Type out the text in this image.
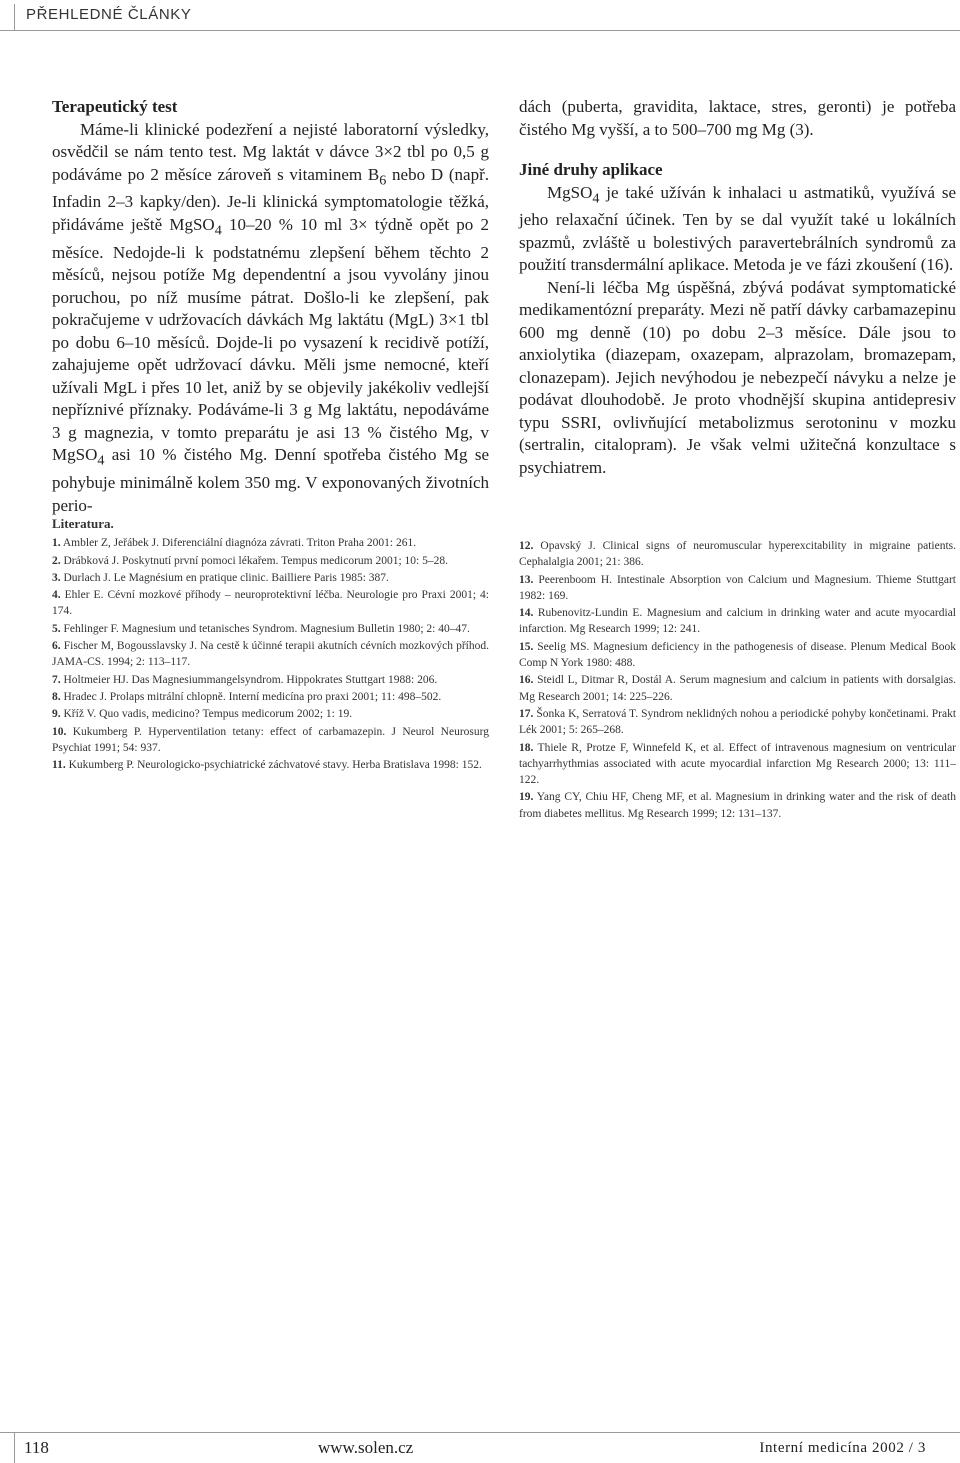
PŘEHLEDNÉ ČLÁNKY
Terapeutický test

Máme-li klinické podezření a nejisté laboratorní výsledky, osvědčil se nám tento test. Mg laktát v dávce 3×2 tbl po 0,5 g podáváme po 2 měsíce zároveň s vitaminem $B_6$ nebo D (např. Infadin 2–3 kapky/den). Je-li klinická symptomatologie těžká, přidáváme ještě MgSO$_4$ 10–20 % 10 ml 3× týdně opět po 2 měsíce. Nedojde-li k podstatnému zlepšení během těchto 2 měsíců, nejsou potíže Mg dependentní a jsou vyvolány jinou poruchou, po níž musíme pátrat. Došlo-li ke zlepšení, pak pokračujeme v udržovacích dávkách Mg laktátu (MgL) 3×1 tbl po dobu 6–10 měsíců. Dojde-li po vysazení k recidivě potíží, zahajujeme opět udržovací dávku. Měli jsme nemocné, kteří užívali MgL i přes 10 let, aniž by se objevily jakékoliv vedlejší nepříznivé příznaky. Podáváme-li 3 g Mg laktátu, nepodáváme 3 g magnezia, v tomto preparátu je asi 13 % čistého Mg, v MgSO$_4$ asi 10 % čistého Mg. Denní spotřeba čistého Mg se pohybuje minimálně kolem 350 mg. V exponovaných životních perio-

dách (puberta, gravidita, laktace, stres, geronti) je potřeba čistého Mg vyšší, a to 500–700 mg Mg (3).

Jiné druhy aplikace

MgSO$_4$ je také užíván k inhalaci u astmatiků, využívá se jeho relaxační účinek. Ten by se dal využít také u lokálních spazmů, zvláště u bolestivých paravertebrálních syndromů za použití transdermální aplikace. Metoda je ve fázi zkoušení (16).

Není-li léčba Mg úspěšná, zbývá podávat symptomatické medikamentózní preparáty. Mezi ně patří dávky carbamazepinu 600 mg denně (10) po dobu 2–3 měsíce. Dále jsou to anxiolytika (diazepam, oxazepam, alprazolam, bromazepam, clonazepam). Jejich nevýhodou je nebezpečí návyku a nelze je podávat dlouhodobě. Je proto vhodnější skupina antidepresiv typu SSRI, ovlivňující metabolizmus serotoninu v mozku (sertralin, citalopram). Je však velmi užitečná konzultace s psychiatrem.

Literatura.
1. Ambler Z, Jeřábek J. Diferenciální diagnóza závrati. Triton Praha 2001: 261.
2. Drábková J. Poskytnutí první pomoci lékařem. Tempus medicorum 2001; 10: 5–28.
3. Durlach J. Le Magnésium en pratique clinic. Bailliere Paris 1985: 387.
4. Ehler E. Cévní mozkové příhody – neuroprotektivní léčba. Neurologie pro Praxi 2001; 4: 174.
5. Fehlinger F. Magnesium und tetanisches Syndrom. Magnesium Bulletin 1980; 2: 40–47.
6. Fischer M, Bogousslavsky J. Na cestě k účinné terapii akutních cévních mozkových příhod. JAMA-CS. 1994; 2: 113–117.
7. Holtmeier HJ. Das Magnesiummangelsyndrom. Hippokrates Stuttgart 1988: 206.
8. Hradec J. Prolaps mitrální chlopně. Interní medicína pro praxi 2001; 11: 498–502.
9. Kříž V. Quo vadis, medicino? Tempus medicorum 2002; 1: 19.
10. Kukumberg P. Hyperventilation tetany: effect of carbamazepin. J Neurol Neurosurg Psychiat 1991; 54: 937.
11. Kukumberg P. Neurologicko-psychiatrické záchvatové stavy. Herba Bratislava 1998: 152.
12. Opavský J. Clinical signs of neuromuscular hyperexcitability in migraine patients. Cephalalgia 2001; 21: 386.
13. Peerenboom H. Intestinale Absorption von Calcium und Magnesium. Thieme Stuttgart 1982: 169.
14. Rubenovitz-Lundin E. Magnesium and calcium in drinking water and acute myocardial infarction. Mg Research 1999; 12: 241.
15. Seelig MS. Magnesium deficiency in the pathogenesis of disease. Plenum Medical Book Comp N York 1980: 488.
16. Steidl L, Ditmar R, Dostál A. Serum magnesium and calcium in patients with dorsalgias. Mg Research 2001; 14: 225–226.
17. Šonka K, Serratová T. Syndrom neklidných nohou a periodické pohyby končetinami. Prakt Lék 2001; 5: 265–268.
18. Thiele R, Protze F, Winnefeld K, et al. Effect of intravenous magnesium on ventricular tachyarrhythmias associated with acute myocardial infarction Mg Research 2000; 13: 111–122.
19. Yang CY, Chiu HF, Cheng MF, et al. Magnesium in drinking water and the risk of death from diabetes mellitus. Mg Research 1999; 12: 131–137.
118	www.solen.cz	Interní medicína 2002 / 3
